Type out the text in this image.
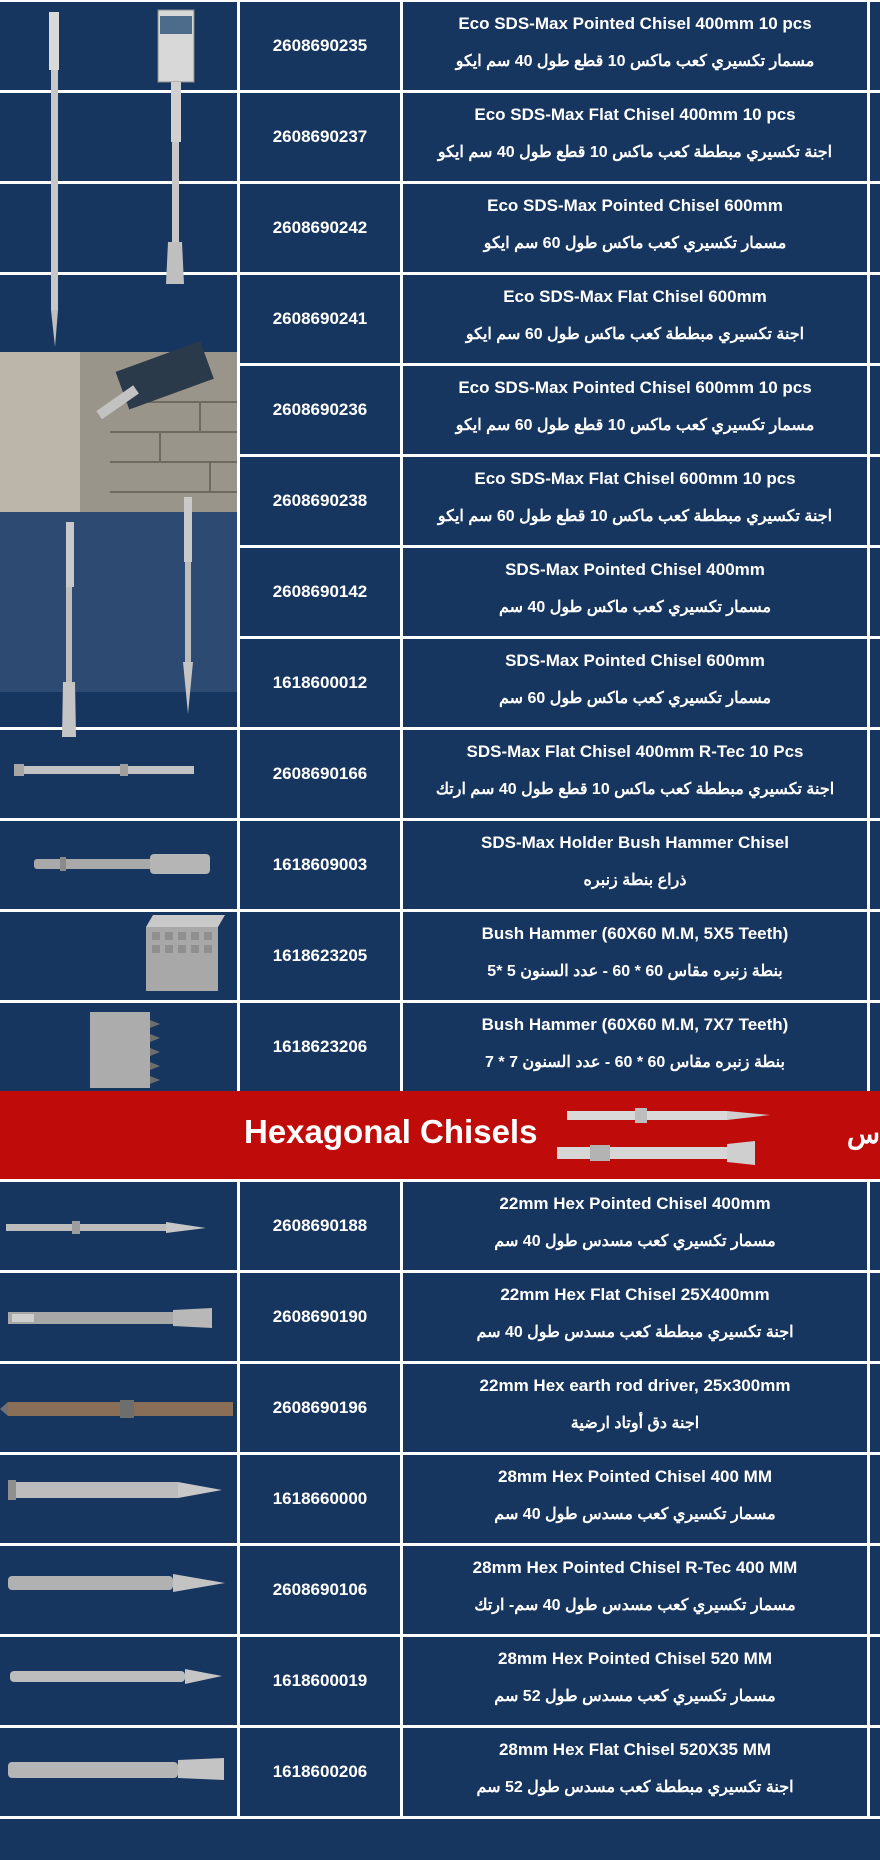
2608690235
Eco SDS-Max Pointed Chisel 400mm 10 pcs
مسمار تكسيري كعب ماكس 10 قطع طول 40 سم ايكو
2608690237
Eco SDS-Max Flat Chisel 400mm 10 pcs
اجنة تكسيري مبططة كعب ماكس 10 قطع طول 40 سم ايكو
2608690242
Eco SDS-Max Pointed Chisel 600mm
مسمار تكسيري كعب ماكس طول 60 سم ايكو
2608690241
Eco SDS-Max Flat Chisel 600mm
اجنة تكسيري مبططة كعب ماكس طول 60 سم ايكو
2608690236
Eco SDS-Max Pointed Chisel 600mm 10 pcs
مسمار تكسيري كعب ماكس 10 قطع طول 60 سم ايكو
2608690238
Eco SDS-Max Flat Chisel 600mm 10 pcs
اجنة تكسيري مبططة كعب ماكس 10 قطع طول 60 سم ايكو
2608690142
SDS-Max Pointed Chisel 400mm
مسمار تكسيري كعب ماكس طول 40 سم
1618600012
SDS-Max Pointed Chisel 600mm
مسمار تكسيري كعب ماكس طول 60 سم
2608690166
SDS-Max Flat Chisel 400mm R-Tec 10 Pcs
اجنة تكسيري مبططة كعب ماكس 10 قطع طول 40 سم ارتك
1618609003
SDS-Max Holder Bush Hammer Chisel
ذراع بنطة زنبره
1618623205
Bush Hammer (60X60 M.M, 5X5 Teeth)
بنطة زنبره مقاس 60 * 60 - عدد السنون 5 *5
1618623206
Bush Hammer (60X60 M.M, 7X7 Teeth)
بنطة زنبره مقاس 60 * 60 - عدد السنون 7 * 7
Hexagonal Chisels	س
2608690188
22mm Hex Pointed Chisel 400mm
مسمار تكسيري كعب مسدس طول 40 سم
2608690190
22mm Hex Flat Chisel 25X400mm
اجنة تكسيري مبططة كعب مسدس طول 40 سم
2608690196
22mm Hex earth rod driver, 25x300mm
اجنة دق أوتاد ارضية
1618660000
28mm Hex Pointed Chisel 400 MM
مسمار تكسيري كعب مسدس طول 40 سم
2608690106
28mm Hex Pointed Chisel R-Tec 400 MM
مسمار تكسيري كعب مسدس طول 40 سم- ارتك
1618600019
28mm Hex Pointed Chisel 520 MM
مسمار تكسيري كعب مسدس طول 52 سم
1618600206
28mm Hex Flat Chisel 520X35 MM
اجنة تكسيري مبططة كعب مسدس طول 52 سم
